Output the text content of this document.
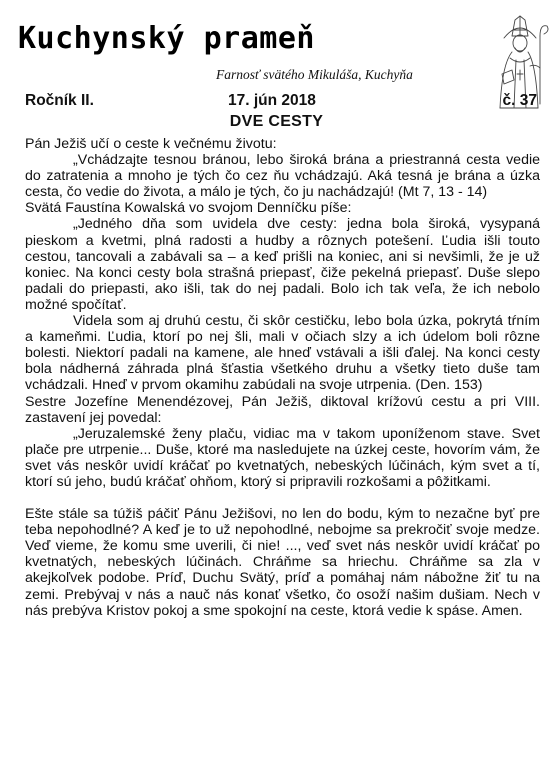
Kuchynský prameň
Farnosť svätého Mikuláša, Kuchyňa
Ročník II.	17. jún 2018	č. 37
DVE CESTY

Pán Ježiš učí o ceste k večnému životu:

„Vchádzajte tesnou bránou, lebo široká brána a priestranná cesta vedie do zatratenia a mnoho je tých čo cez ňu vchádzajú. Aká tesná je brána a úzka cesta, čo vedie do života, a málo je tých, čo ju nachádzajú! (Mt 7, 13 - 14)

Svätá Faustína Kowalská vo svojom Denníčku píše:

„Jedného dňa som uvidela dve cesty: jedna bola široká, vysypaná pieskom a kvetmi, plná radosti a hudby a rôznych potešení. Ľudia išli touto cestou, tancovali a zabávali sa – a keď prišli na koniec, ani si nevšimli, že je už koniec. Na konci cesty bola strašná priepasť, čiže pekelná priepasť. Duše slepo padali do priepasti, ako išli, tak do nej padali. Bolo ich tak veľa, že ich nebolo možné spočítať.

Videla som aj druhú cestu, či skôr cestičku, lebo bola úzka, pokrytá tŕním a kameňmi. Ľudia, ktorí po nej šli, mali v očiach slzy a ich údelom boli rôzne bolesti. Niektorí padali na kamene, ale hneď vstávali a išli ďalej. Na konci cesty bola nádherná záhrada plná šťastia všetkého druhu a všetky tieto duše tam vchádzali. Hneď v prvom okamihu zabúdali na svoje utrpenia. (Den. 153)

Sestre Jozefíne Menendézovej, Pán Ježiš, diktoval krížovú cestu a pri VIII. zastavení jej povedal:

„Jeruzalemské ženy plaču, vidiac ma v takom uponíženom stave. Svet plače pre utrpenie... Duše, ktoré ma nasledujete na úzkej ceste, hovorím vám, že svet vás neskôr uvidí kráčať po kvetnatých, nebeských lúčinách, kým svet a tí, ktorí sú jeho, budú kráčať ohňom, ktorý si pripravili rozkošami a pôžitkami.

Ešte stále sa túžiš páčiť Pánu Ježišovi, no len do bodu, kým to nezačne byť pre teba nepohodlné? A keď je to už nepohodlné, nebojme sa prekročiť svoje medze. Veď vieme, že komu sme uverili, či nie! ..., veď svet nás neskôr uvidí kráčať po kvetnatých, nebeských lúčinách. Chráňme sa hriechu. Chráňme sa zla v akejkoľvek podobe. Príď, Duchu Svätý, príď a pomáhaj nám nábožne žiť tu na zemi. Prebývaj v nás a nauč nás konať všetko, čo osoží našim dušiam. Nech v nás prebýva Kristov pokoj a sme spokojní na ceste, ktorá vedie k spáse. Amen.
